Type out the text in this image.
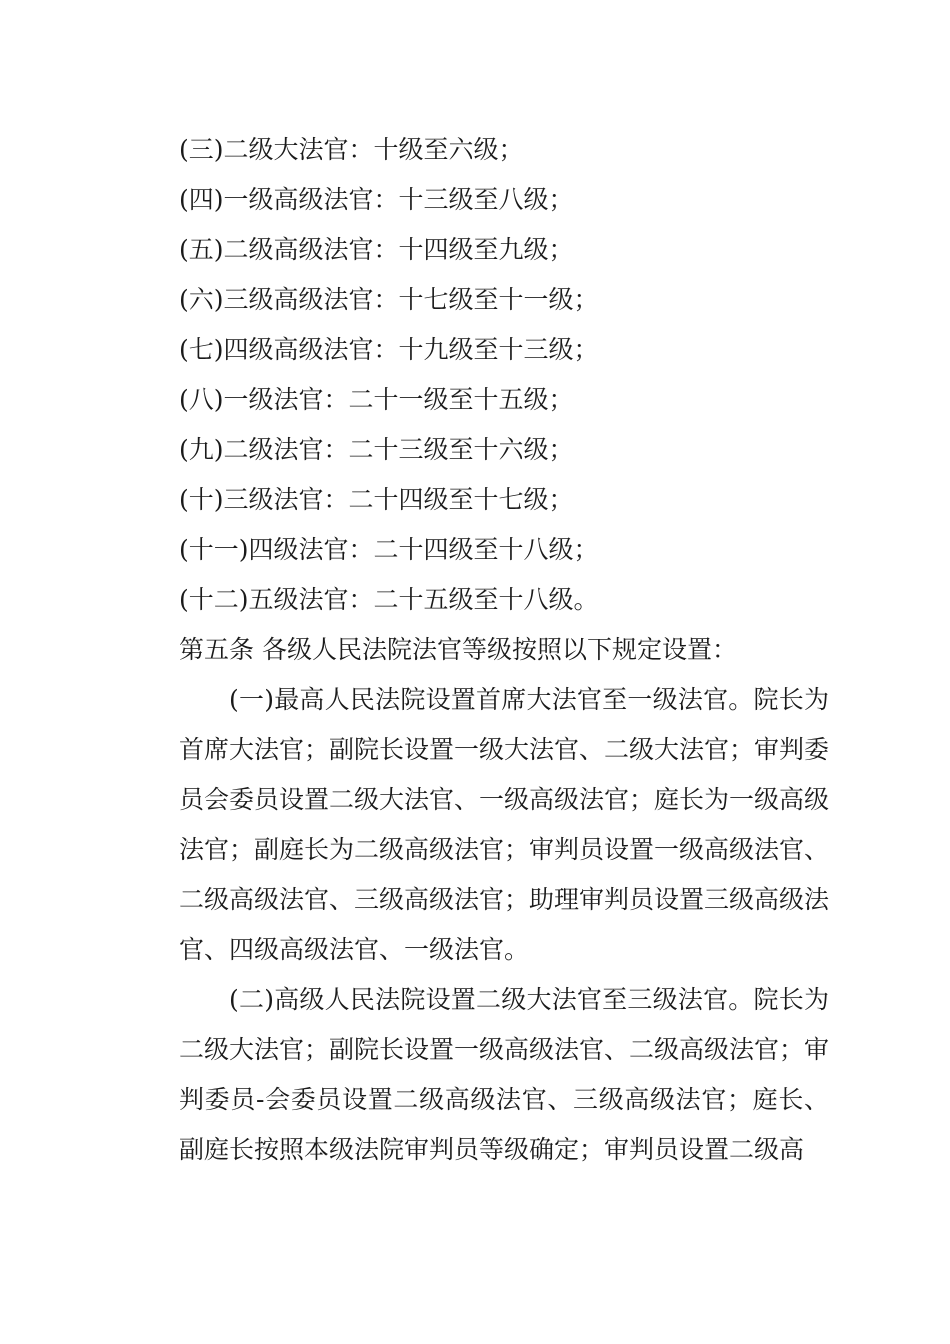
(三)二级大法官：十级至六级；
(四)一级高级法官：十三级至八级；
(五)二级高级法官：十四级至九级；
(六)三级高级法官：十七级至十一级；
(七)四级高级法官：十九级至十三级；
(八)一级法官：二十一级至十五级；
(九)二级法官：二十三级至十六级；
(十)三级法官：二十四级至十七级；
(十一)四级法官：二十四级至十八级；
(十二)五级法官：二十五级至十八级。
第五条 各级人民法院法官等级按照以下规定设置：

(一)最高人民法院设置首席大法官至一级法官。院长为首席大法官；副院长设置一级大法官、二级大法官；审判委员会委员设置二级大法官、一级高级法官；庭长为一级高级法官；副庭长为二级高级法官；审判员设置一级高级法官、二级高级法官、三级高级法官；助理审判员设置三级高级法官、四级高级法官、一级法官。

(二)高级人民法院设置二级大法官至三级法官。院长为二级大法官；副院长设置一级高级法官、二级高级法官；审判委员-会委员设置二级高级法官、三级高级法官；庭长、副庭长按照本级法院审判员等级确定；审判员设置二级高
